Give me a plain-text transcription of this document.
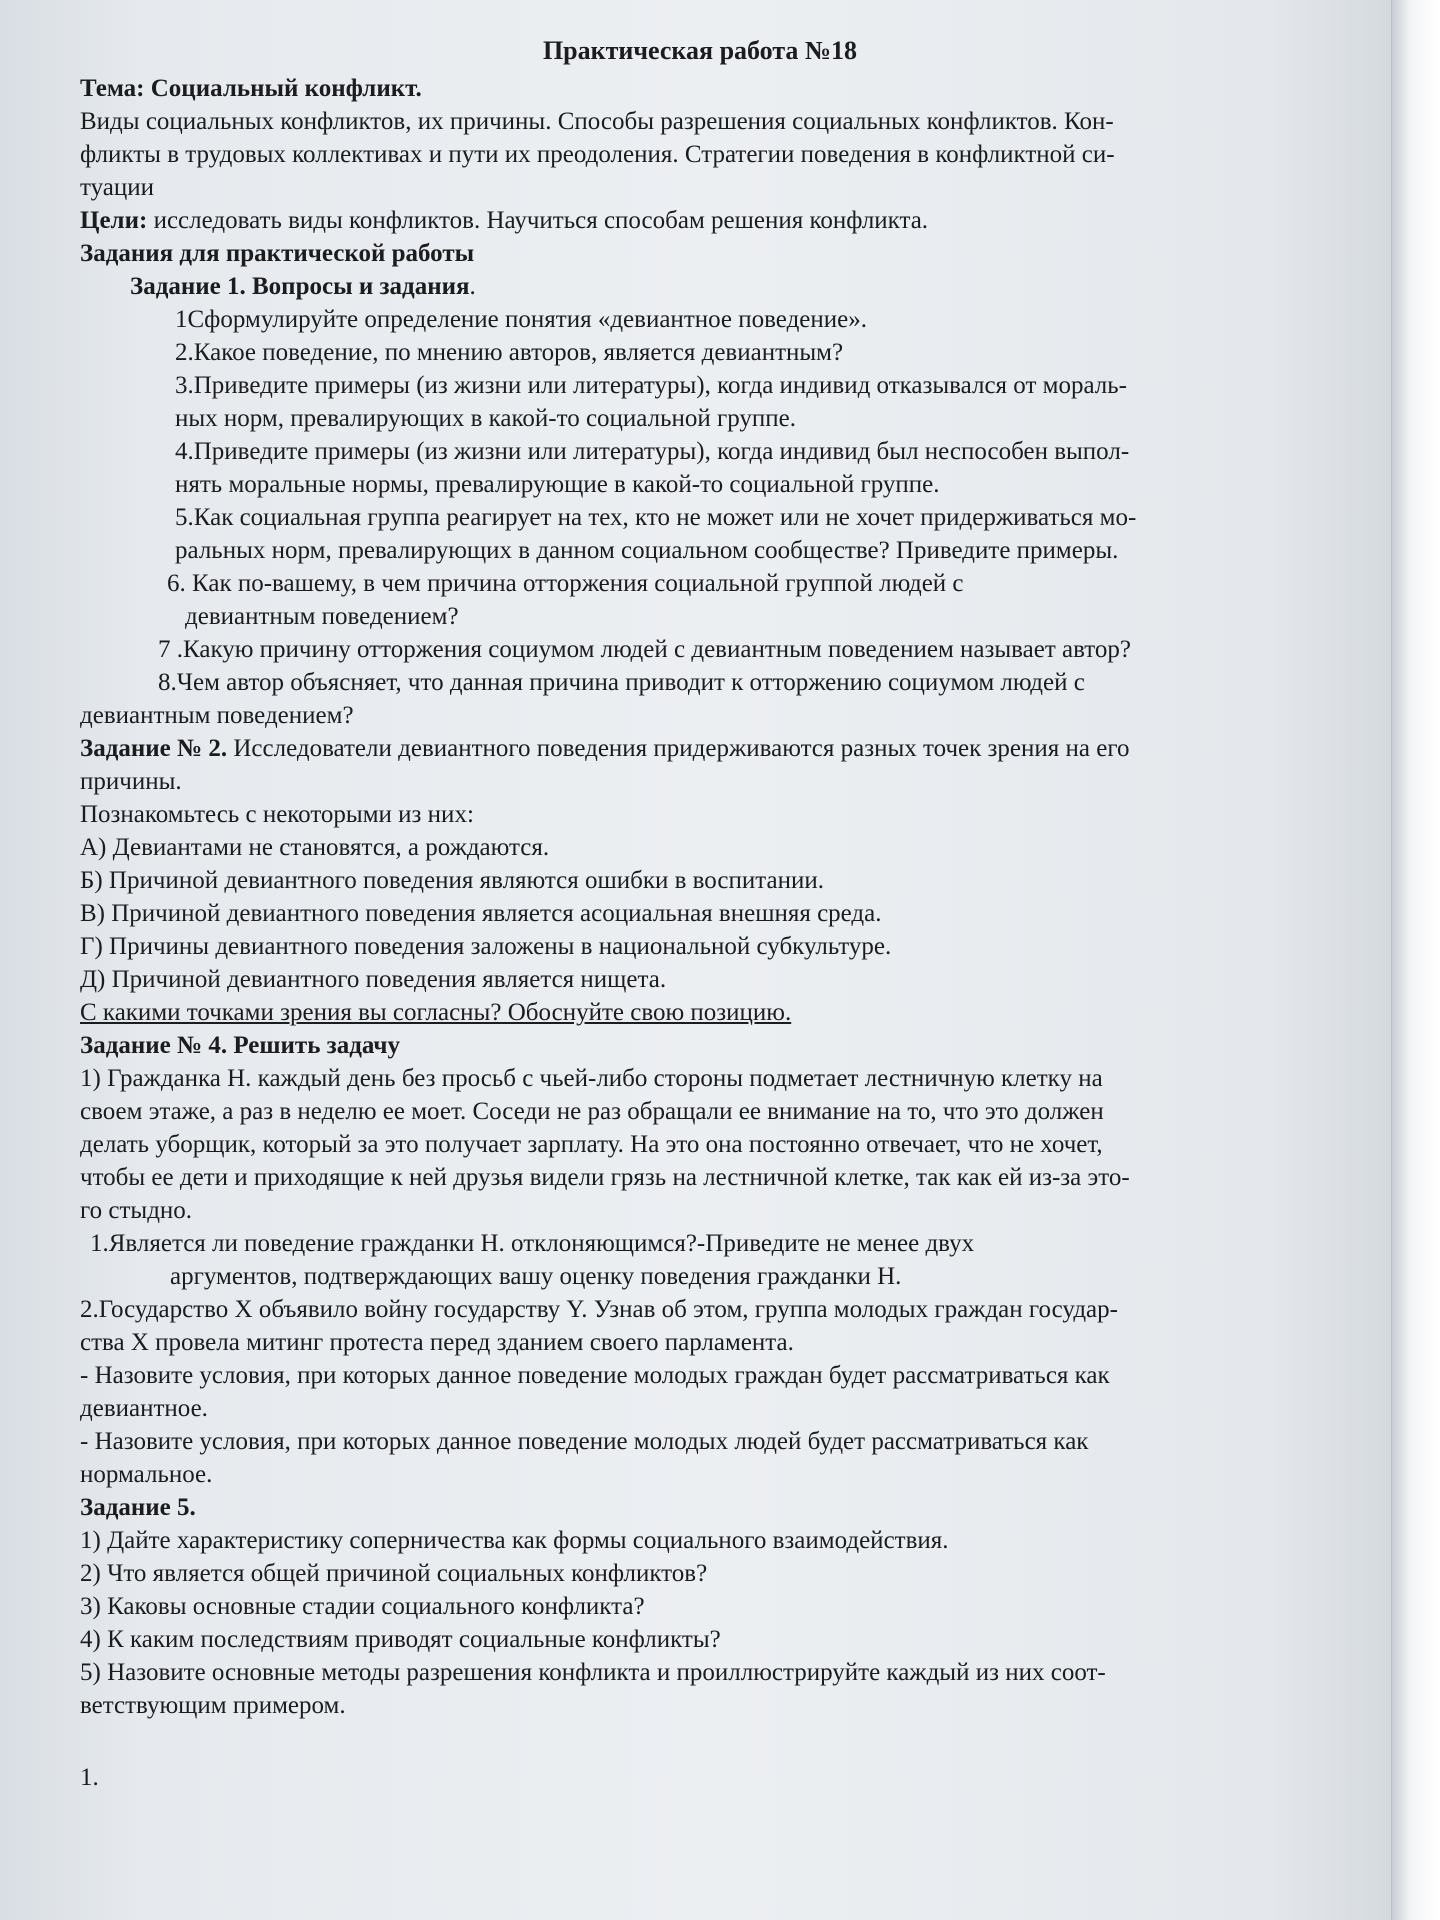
Практическая работа №18
Тема: Социальный конфликт.
Виды социальных конфликтов, их причины. Способы разрешения социальных конфликтов. Кон-
фликты в трудовых коллективах и пути их преодоления. Стратегии поведения в конфликтной си-
туации
Цели: исследовать виды конфликтов. Научиться способам решения конфликта.
Задания для практической работы
Задание 1. Вопросы и задания.
1Сформулируйте определение понятия «девиантное поведение».
2.Какое поведение, по мнению авторов, является девиантным?
3.Приведите примеры (из жизни или литературы), когда индивид отказывался от мораль-
ных норм, превалирующих в какой-то социальной группе.
4.Приведите примеры (из жизни или литературы), когда индивид был неспособен выпол-
нять моральные нормы, превалирующие в какой-то социальной группе.
5.Как социальная группа реагирует на тех, кто не может или не хочет придерживаться мо-
ральных норм, превалирующих в данном социальном сообществе? Приведите примеры.
6. Как по-вашему, в чем причина отторжения социальной группой людей с
девиантным поведением?
7 .Какую причину отторжения социумом людей с девиантным поведением называет автор?
8.Чем автор объясняет, что данная причина приводит к отторжению социумом людей с
девиантным поведением?
Задание № 2. Исследователи девиантного поведения придерживаются разных точек зрения на его
причины.
Познакомьтесь с некоторыми из них:
А) Девиантами не становятся, а рождаются.
Б) Причиной девиантного поведения являются ошибки в воспитании.
В) Причиной девиантного поведения является асоциальная внешняя среда.
Г) Причины девиантного поведения заложены в национальной субкультуре.
Д) Причиной девиантного поведения является нищета.
С какими точками зрения вы согласны? Обоснуйте свою позицию.
Задание № 4. Решить задачу
1) Гражданка Н. каждый день без просьб с чьей-либо стороны подметает лестничную клетку на
своем этаже, а раз в неделю ее моет. Соседи не раз обращали ее внимание на то, что это должен
делать уборщик, который за это получает зарплату. На это она постоянно отвечает, что не хочет,
чтобы ее дети и приходящие к ней друзья видели грязь на лестничной клетке, так как ей из-за это-
го стыдно.
1.Является ли поведение гражданки Н. отклоняющимся?-Приведите не менее двух
аргументов, подтверждающих вашу оценку поведения гражданки Н.
2.Государство X объявило войну государству Y. Узнав об этом, группа молодых граждан государ-
ства X провела митинг протеста перед зданием своего парламента.
- Назовите условия, при которых данное поведение молодых граждан будет рассматриваться как
девиантное.
- Назовите условия, при которых данное поведение молодых людей будет рассматриваться как
нормальное.
Задание 5.
1) Дайте характеристику соперничества как формы социального взаимодействия.
2) Что является общей причиной социальных конфликтов?
3) Каковы основные стадии социального конфликта?
4) К каким последствиям приводят социальные конфликты?
5) Назовите основные методы разрешения конфликта и проиллюстрируйте каждый из них соот-
ветствующим примером.
1.
